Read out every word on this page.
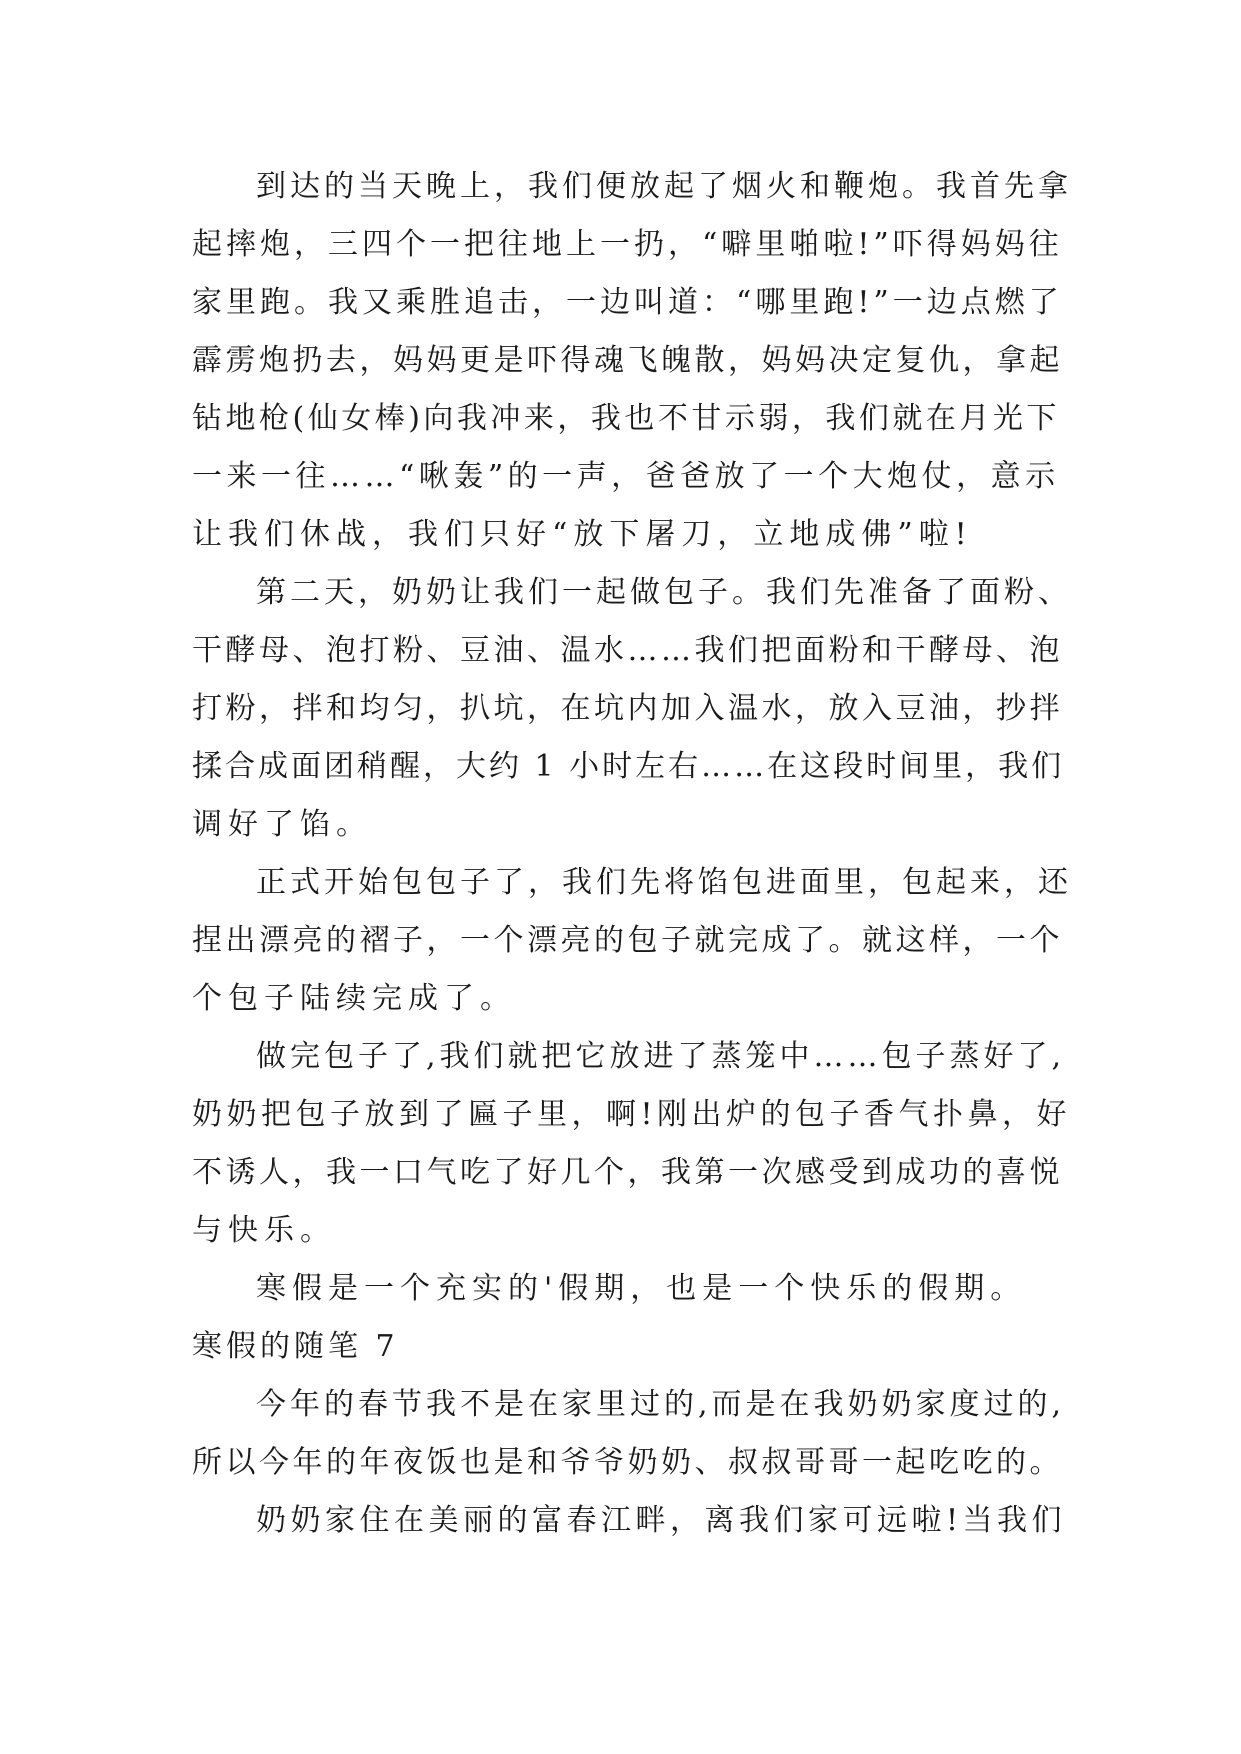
到达的当天晚上，我们便放起了烟火和鞭炮。我首先拿
起摔炮，三四个一把往地上一扔，“噼里啪啦!”吓得妈妈往
家里跑。我又乘胜追击，一边叫道：“哪里跑!”一边点燃了
霹雳炮扔去，妈妈更是吓得魂飞魄散，妈妈决定复仇，拿起
钻地枪(仙女棒)向我冲来，我也不甘示弱，我们就在月光下
一来一往……“啾轰”的一声，爸爸放了一个大炮仗，意示
让我们休战，我们只好“放下屠刀，立地成佛”啦!
第二天，奶奶让我们一起做包子。我们先准备了面粉、
干酵母、泡打粉、豆油、温水……我们把面粉和干酵母、泡
打粉，拌和均匀，扒坑，在坑内加入温水，放入豆油，抄拌
揉合成面团稍醒，大约 1 小时左右……在这段时间里，我们
调好了馅。
正式开始包包子了，我们先将馅包进面里，包起来，还
捏出漂亮的褶子，一个漂亮的包子就完成了。就这样，一个
个包子陆续完成了。
做完包子了,我们就把它放进了蒸笼中……包子蒸好了,
奶奶把包子放到了匾子里，啊!刚出炉的包子香气扑鼻，好
不诱人，我一口气吃了好几个，我第一次感受到成功的喜悦
与快乐。
寒假是一个充实的'假期，也是一个快乐的假期。
寒假的随笔 7
今年的春节我不是在家里过的,而是在我奶奶家度过的,
所以今年的年夜饭也是和爷爷奶奶、叔叔哥哥一起吃吃的。
奶奶家住在美丽的富春江畔，离我们家可远啦!当我们
